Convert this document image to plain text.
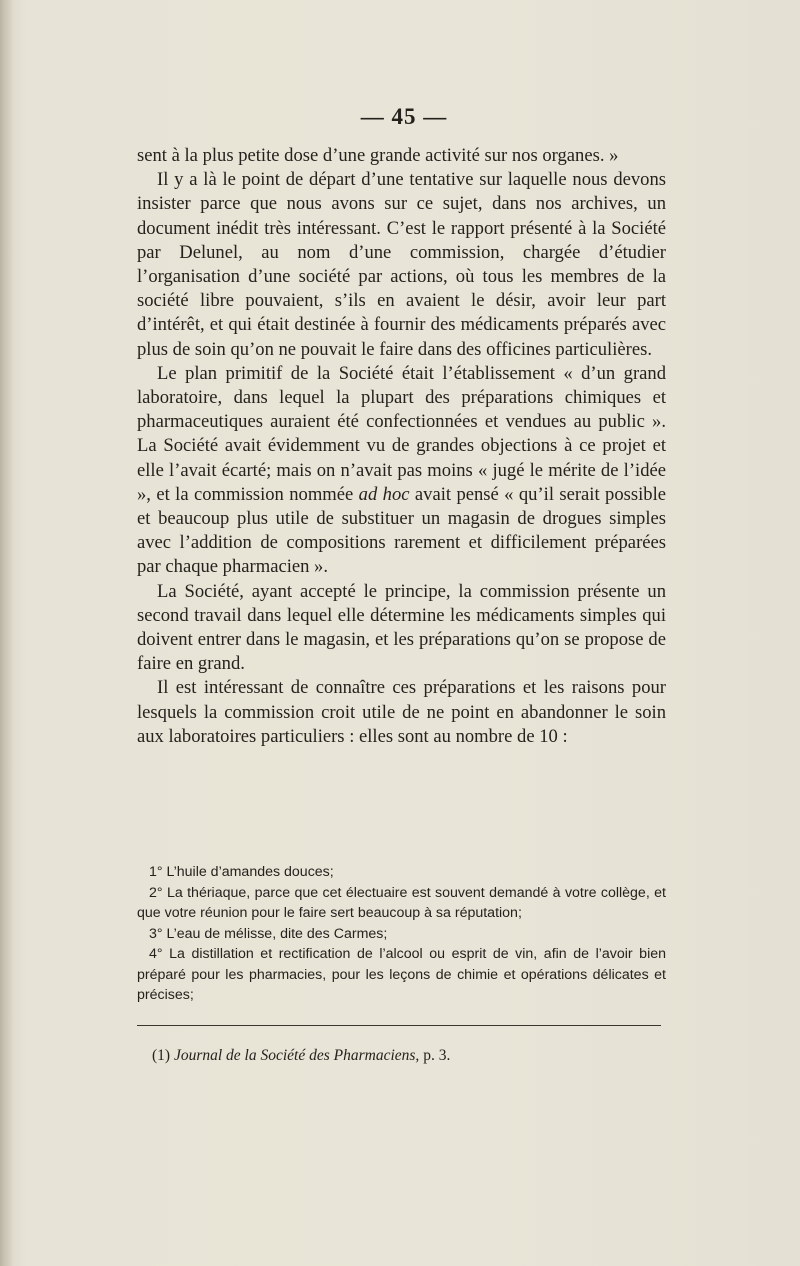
— 45 —

sent à la plus petite dose d’une grande activité sur nos organes. »

Il y a là le point de départ d’une tentative sur laquelle nous devons insister parce que nous avons sur ce sujet, dans nos archives, un document inédit très intéressant. C’est le rapport présenté à la Société par Delunel, au nom d’une commission, chargée d’étudier l’organisation d’une société par actions, où tous les membres de la société libre pouvaient, s’ils en avaient le désir, avoir leur part d’intérêt, et qui était destinée à fournir des médicaments préparés avec plus de soin qu’on ne pouvait le faire dans des officines particulières.

Le plan primitif de la Société était l’établissement « d’un grand laboratoire, dans lequel la plupart des préparations chimiques et pharmaceutiques auraient été confectionnées et vendues au public ». La Société avait évidemment vu de grandes objections à ce projet et elle l’avait écarté; mais on n’avait pas moins « jugé le mérite de l’idée », et la commission nommée ad hoc avait pensé « qu’il serait possible et beaucoup plus utile de substituer un magasin de drogues simples avec l’addition de compositions rarement et difficilement préparées par chaque pharmacien ».

La Société, ayant accepté le principe, la commission présente un second travail dans lequel elle détermine les médicaments simples qui doivent entrer dans le magasin, et les préparations qu’on se propose de faire en grand.

Il est intéressant de connaître ces préparations et les raisons pour lesquels la commission croit utile de ne point en abandonner le soin aux laboratoires particuliers : elles sont au nombre de 10 :

1° L’huile d’amandes douces;

2° La thériaque, parce que cet électuaire est souvent demandé à votre collège, et que votre réunion pour le faire sert beaucoup à sa réputation;

3° L’eau de mélisse, dite des Carmes;

4° La distillation et rectification de l’alcool ou esprit de vin, afin de l’avoir bien préparé pour les pharmacies, pour les leçons de chimie et opérations délicates et précises;

(1) Journal de la Société des Pharmaciens, p. 3.
